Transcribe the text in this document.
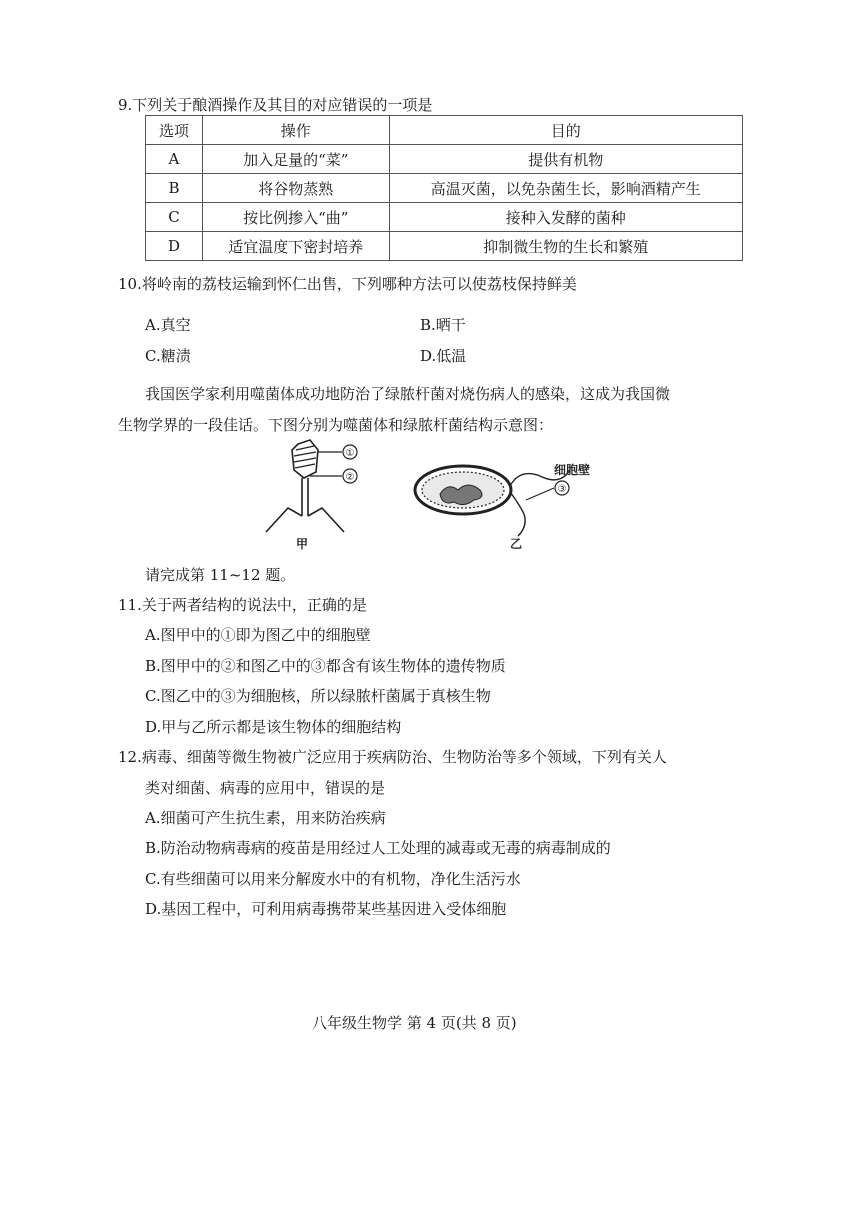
9.下列关于酿酒操作及其目的对应错误的一项是
选项	操作	目的
A	加入足量的“菜”	提供有机物
B	将谷物蒸熟	高温灭菌，以免杂菌生长，影响酒精产生
C	按比例掺入“曲”	接种入发酵的菌种
D	适宜温度下密封培养	抑制微生物的生长和繁殖
10.将岭南的荔枝运输到怀仁出售，下列哪种方法可以使荔枝保持鲜美
A.真空	B.晒干
C.糖渍	D.低温
我国医学家利用噬菌体成功地防治了绿脓杆菌对烧伤病人的感染，这成为我国微
生物学界的一段佳话。下图分别为噬菌体和绿脓杆菌结构示意图：
①
②
细胞壁
③
甲	乙
请完成第 11~12 题。
11.关于两者结构的说法中，正确的是
A.图甲中的①即为图乙中的细胞壁
B.图甲中的②和图乙中的③都含有该生物体的遗传物质
C.图乙中的③为细胞核，所以绿脓杆菌属于真核生物
D.甲与乙所示都是该生物体的细胞结构
12.病毒、细菌等微生物被广泛应用于疾病防治、生物防治等多个领域，下列有关人
类对细菌、病毒的应用中，错误的是
A.细菌可产生抗生素，用来防治疾病
B.防治动物病毒病的疫苗是用经过人工处理的减毒或无毒的病毒制成的
C.有些细菌可以用来分解废水中的有机物，净化生活污水
D.基因工程中，可利用病毒携带某些基因进入受体细胞
八年级生物学 第 4 页(共 8 页)
